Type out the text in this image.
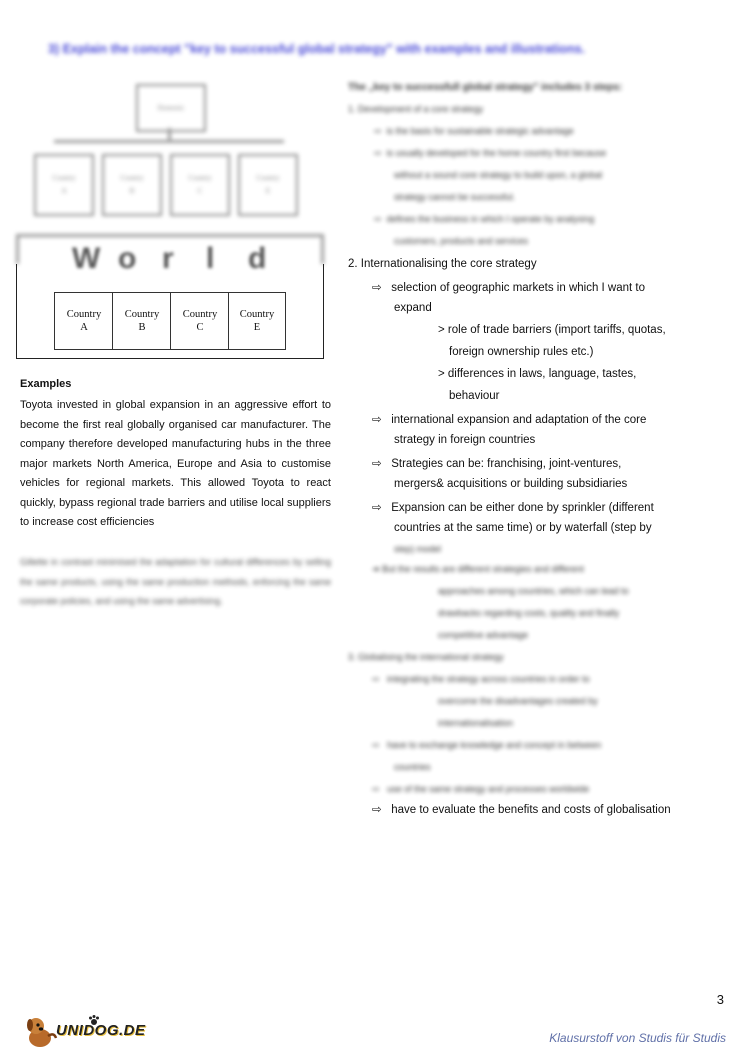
3) Explain the concept "key to successful global strategy" with examples and illustrations.
Domestic
Country
A
Country
B
Country
C
Country
E
W o r l d
Country
A
Country
B
Country
C
Country
E
Examples
Toyota invested in global expansion in an aggressive effort to become the first real globally organised car manufacturer. The company therefore developed manufacturing hubs in the three major markets North America, Europe and Asia to customise vehicles for regional markets. This allowed Toyota to react quickly, bypass regional trade barriers and utilise local suppliers to increase cost efficiencies
Gillette in contrast minimised the adaptation for cultural differences by selling the same products, using the same production methods, enforcing the same corporate policies, and using the same advertising.
The „key to successfull global strategy" includes 3 steps:
1. Development of a core strategy
⇨ is the basis for sustainable strategic advantage
⇨ is usually developed for the home country first because
without a sound core strategy to build upon, a global
strategy cannot be successful.
⇨ defines the business in which I operate by analysing
customers, products and services
2. Internationalising the core strategy
⇨ selection of geographic markets in which I want to
expand
> role of trade barriers (import tariffs, quotas,
foreign ownership rules etc.)
> differences in laws, language, tastes,
behaviour
⇨ international expansion and adaptation of the core
strategy in foreign countries
⇨ Strategies can be: franchising, joint-ventures,
mergers& acquisitions or building subsidiaries
⇨ Expansion can be either done by sprinkler (different
countries at the same time) or by waterfall (step by
step) model
➔ But the results are different strategies and different
approaches among countries, which can lead to
drawbacks regarding costs, quality and finally
competitive advantage
3. Globalising the international strategy
⇨ integrating the strategy across countries in order to
overcome the disadvantages created by
internationalisation
⇨ have to exchange knowledge and concept in between
countries
⇨ use of the same strategy and processes worldwide
⇨ have to evaluate the benefits and costs of globalisation
3
UNIDOG.DE	Klausurstoff von Studis für Studis
